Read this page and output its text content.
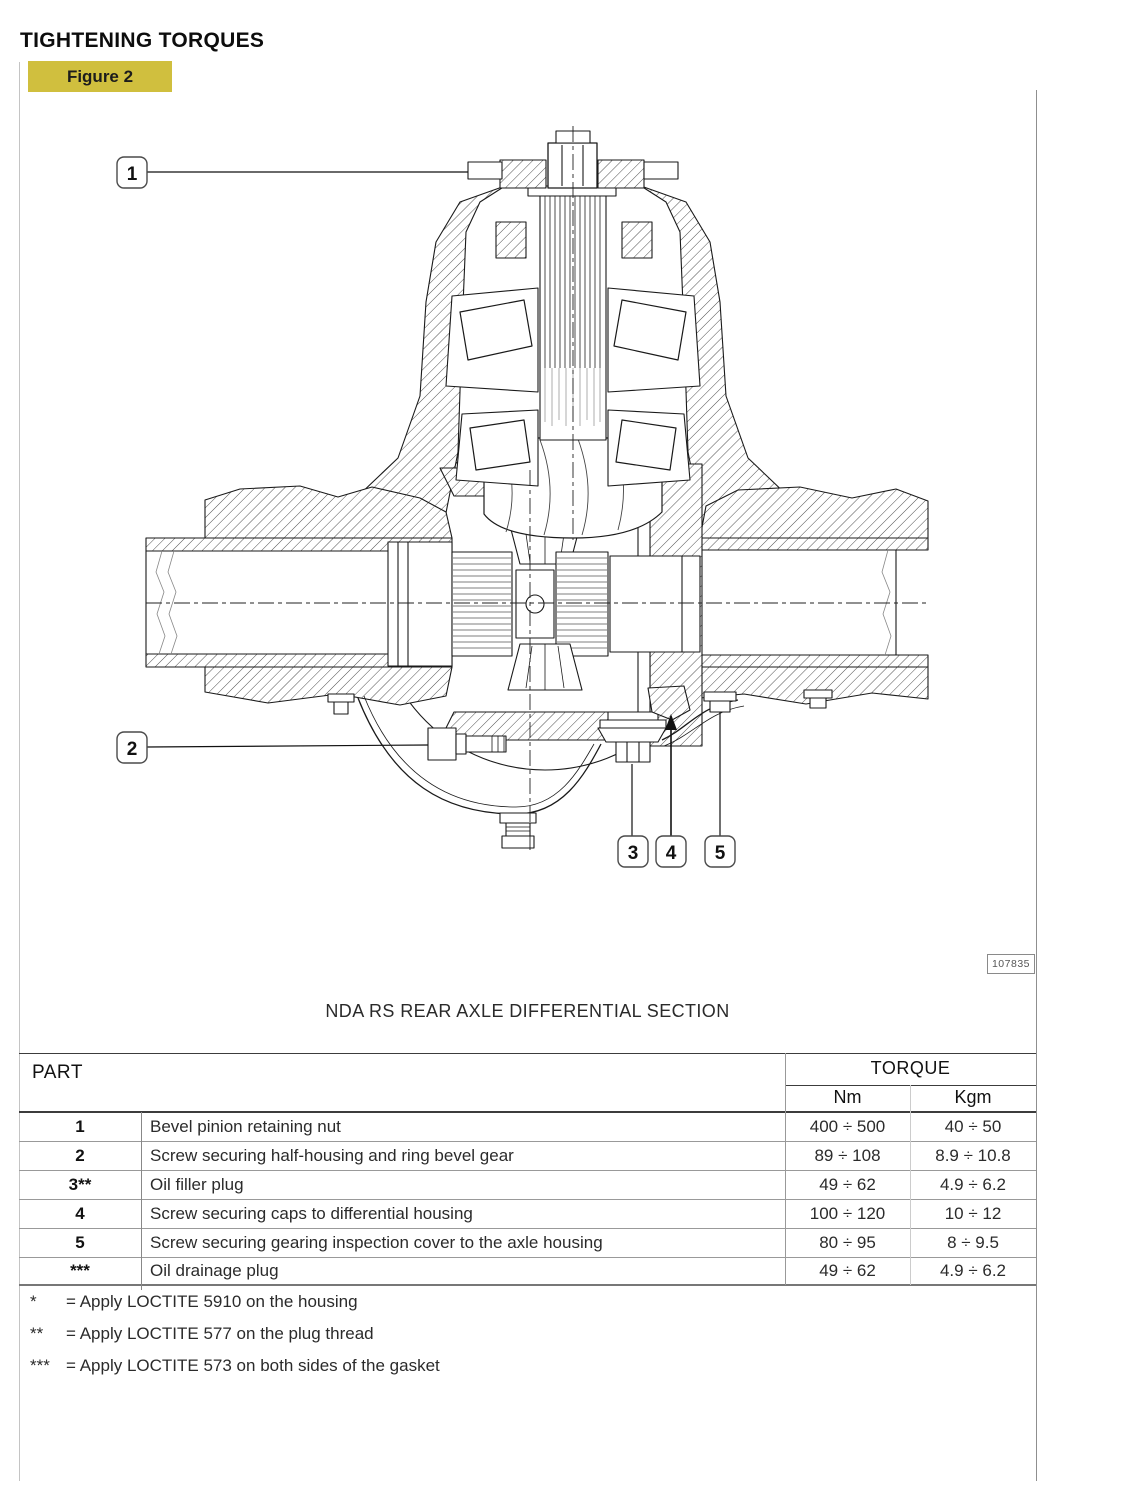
TIGHTENING TORQUES
Figure 2
1
2
3 4 5
107835
NDA RS REAR AXLE DIFFERENTIAL SECTION
PART	TORQUE
Nm	Kgm
1	Bevel pinion retaining nut	400 ÷ 500	40 ÷ 50
2	Screw securing half-housing and ring bevel gear	89 ÷ 108	8.9 ÷ 10.8
3**	Oil filler plug	49 ÷ 62	4.9 ÷ 6.2
4	Screw securing caps to differential housing	100 ÷ 120	10 ÷ 12
5	Screw securing gearing inspection cover to the axle housing	80 ÷ 95	8 ÷ 9.5
***	Oil drainage plug	49 ÷ 62	4.9 ÷ 6.2
*	= Apply LOCTITE 5910 on the housing
**	= Apply LOCTITE 577 on the plug thread
*** = Apply LOCTITE 573 on both sides of the gasket
